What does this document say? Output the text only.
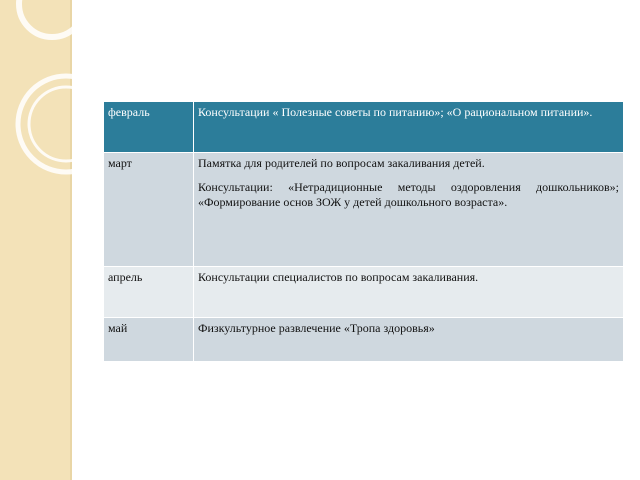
февраль	Консультации « Полезные советы по питанию»; «О рациональном питании».

март	Памятка для родителей по вопросам закаливания детей.

Консультации: «Нетрадиционные методы оздоровления дошкольников»; «Формирование основ ЗОЖ у детей дошкольного возраста».

апрель	Консультации специалистов по вопросам закаливания.

май	Физкультурное развлечение «Тропа здоровья»
